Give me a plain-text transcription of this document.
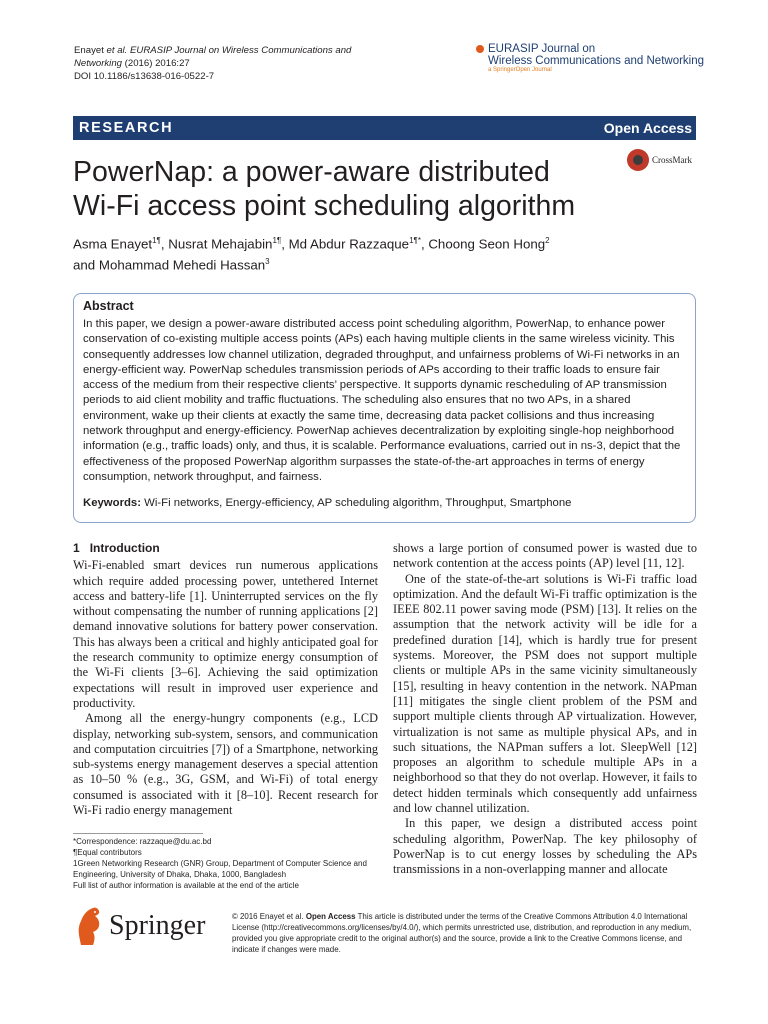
Enayet et al. EURASIP Journal on Wireless Communications and
Networking (2016) 2016:27
DOI 10.1186/s13638-016-0522-7
EURASIP Journal on
Wireless Communications and Networking
a SpringerOpen Journal
RESEARCH	Open Access
PowerNap: a power-aware distributed
Wi-Fi access point scheduling algorithm
CrossMark
Asma Enayet$^{1\P}$, Nusrat Mehajabin$^{1\P}$, Md Abdur Razzaque$^{1\P*}$, Choong Seon Hong$^2$
and Mohammad Mehedi Hassan$^3$
Abstract
In this paper, we design a power-aware distributed access point scheduling algorithm, PowerNap, to enhance power conservation of co-existing multiple access points (APs) each having multiple clients in the same wireless vicinity. This consequently addresses low channel utilization, degraded throughput, and unfairness problems of Wi-Fi networks in an energy-efficient way. PowerNap schedules transmission periods of APs according to their traffic loads to ensure fair access of the medium from their respective clients’ perspective. It supports dynamic rescheduling of AP transmission periods to aid client mobility and traffic fluctuations. The scheduling also ensures that no two APs, in a shared environment, wake up their clients at exactly the same time, decreasing data packet collisions and thus increasing network throughput and energy-efficiency. PowerNap achieves decentralization by exploiting single-hop neighborhood information (e.g., traffic loads) only, and thus, it is scalable. Performance evaluations, carried out in ns-3, depict that the effectiveness of the proposed PowerNap algorithm surpasses the state-of-the-art approaches in terms of energy consumption, network throughput, and fairness.
Keywords: Wi-Fi networks, Energy-efficiency, AP scheduling algorithm, Throughput, Smartphone
1 Introduction

Wi-Fi-enabled smart devices run numerous applications which require added processing power, untethered Internet access and battery-life [1]. Uninterrupted services on the fly without compensating the number of running applications [2] demand innovative solutions for battery power conservation. This has always been a critical and highly anticipated goal for the research community to optimize energy consumption of the Wi-Fi clients [3–6]. Achieving the said optimization expectations will result in improved user experience and productivity.

Among all the energy-hungry components (e.g., LCD display, networking sub-system, sensors, and communication and computation circuitries [7]) of a Smartphone, networking sub-systems energy management deserves a special attention as 10–50 % (e.g., 3G, GSM, and Wi-Fi) of total energy consumed is associated with it [8–10]. Recent research for Wi-Fi radio energy management

shows a large portion of consumed power is wasted due to network contention at the access points (AP) level [11, 12].

One of the state-of-the-art solutions is Wi-Fi traffic load optimization. And the default Wi-Fi traffic optimization is the IEEE 802.11 power saving mode (PSM) [13]. It relies on the assumption that the network activity will be idle for a predefined duration [14], which is hardly true for present systems. Moreover, the PSM does not support multiple clients or multiple APs in the same vicinity simultaneously [15], resulting in heavy contention in the network. NAPman [11] mitigates the single client problem of the PSM and support multiple clients through AP virtualization. However, virtualization is not same as multiple physical APs, and in such situations, the NAPman suffers a lot. SleepWell [12] proposes an algorithm to schedule multiple APs in a neighborhood so that they do not overlap. However, it fails to detect hidden terminals which consequently add unfairness and low channel utilization.

In this paper, we design a distributed access point scheduling algorithm, PowerNap. The key philosophy of PowerNap is to cut energy losses by scheduling the APs transmissions in a non-overlapping manner and allocate

*Correspondence: razzaque@du.ac.bd
¶Equal contributors
1Green Networking Research (GNR) Group, Department of Computer Science and Engineering, University of Dhaka, Dhaka, 1000, Bangladesh
Full list of author information is available at the end of the article
Springer	© 2016 Enayet et al. Open Access This article is distributed under the terms of the Creative Commons Attribution 4.0 International License (http://creativecommons.org/licenses/by/4.0/), which permits unrestricted use, distribution, and reproduction in any medium, provided you give appropriate credit to the original author(s) and the source, provide a link to the Creative Commons license, and indicate if changes were made.
